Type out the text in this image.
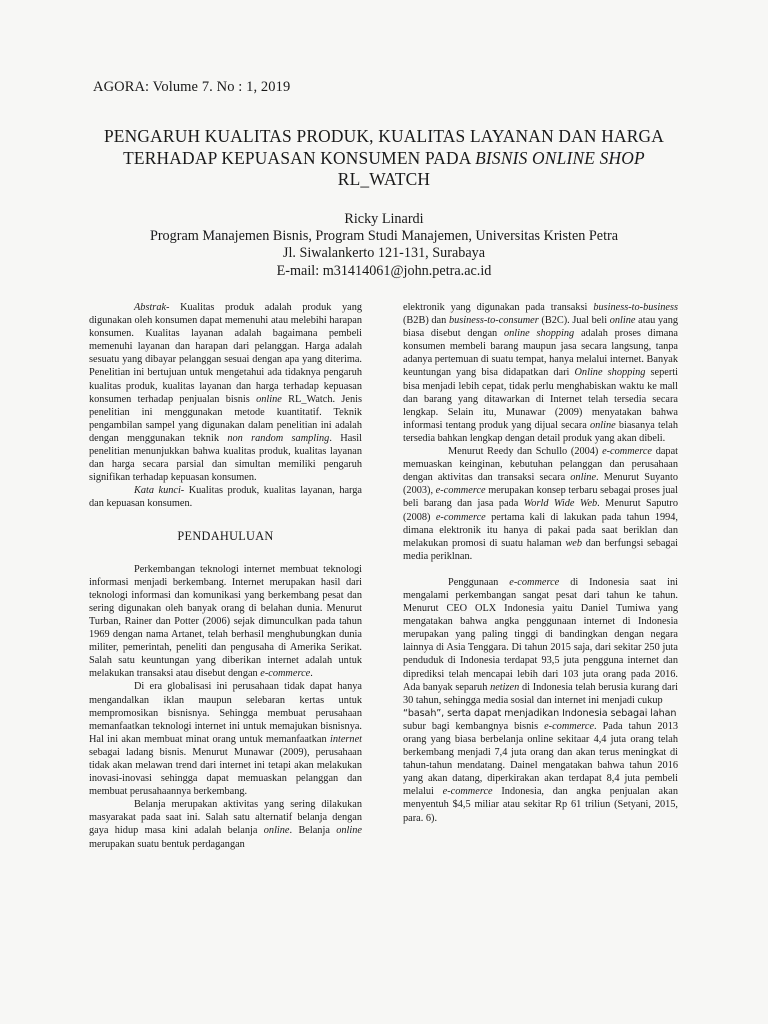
AGORA: Volume 7. No : 1, 2019

PENGARUH KUALITAS PRODUK, KUALITAS LAYANAN DAN HARGA

TERHADAP KEPUASAN KONSUMEN PADA BISNIS ONLINE SHOP

RL_WATCH

Ricky Linardi

Program Manajemen Bisnis, Program Studi Manajemen, Universitas Kristen Petra

Jl. Siwalankerto 121-131, Surabaya

E-mail: m31414061@john.petra.ac.id

Abstrak- Kualitas produk adalah produk yang digunakan oleh konsumen dapat memenuhi atau melebihi harapan konsumen. Kualitas layanan adalah bagaimana pembeli memenuhi layanan dan harapan dari pelanggan. Harga adalah sesuatu yang dibayar pelanggan sesuai dengan apa yang diterima. Penelitian ini bertujuan untuk mengetahui ada tidaknya pengaruh kualitas produk, kualitas layanan dan harga terhadap kepuasan konsumen terhadap penjualan bisnis online RL_Watch. Jenis penelitian ini menggunakan metode kuantitatif. Teknik pengambilan sampel yang digunakan dalam penelitian ini adalah dengan menggunakan teknik non random sampling. Hasil penelitian menunjukkan bahwa kualitas produk, kualitas layanan dan harga secara parsial dan simultan memiliki pengaruh signifikan terhadap kepuasan konsumen.

Kata kunci- Kualitas produk, kualitas layanan, harga dan kepuasan konsumen.

PENDAHULUAN

Perkembangan teknologi internet membuat teknologi informasi menjadi berkembang. Internet merupakan hasil dari teknologi informasi dan komunikasi yang berkembang pesat dan sering digunakan oleh banyak orang di belahan dunia. Menurut Turban, Rainer dan Potter (2006) sejak dimunculkan pada tahun 1969 dengan nama Artanet, telah berhasil menghubungkan dunia militer, pemerintah, peneliti dan pengusaha di Amerika Serikat. Salah satu keuntungan yang diberikan internet adalah untuk melakukan transaksi atau disebut dengan e-commerce.

Di era globalisasi ini perusahaan tidak dapat hanya mengandalkan iklan maupun selebaran kertas untuk mempromosikan bisnisnya. Sehingga membuat perusahaan memanfaatkan teknologi internet ini untuk memajukan bisnisnya. Hal ini akan membuat minat orang untuk memanfaatkan internet sebagai ladang bisnis. Menurut Munawar (2009), perusahaan tidak akan melawan trend dari internet ini tetapi akan melakukan inovasi-inovasi sehingga dapat memuaskan pelanggan dan membuat perusahaannya berkembang.

Belanja merupakan aktivitas yang sering dilakukan masyarakat pada saat ini. Salah satu alternatif belanja dengan gaya hidup masa kini adalah belanja online. Belanja online merupakan suatu bentuk perdagangan

elektronik yang digunakan pada transaksi business-to-business (B2B) dan business-to-consumer (B2C). Jual beli online atau yang biasa disebut dengan online shopping adalah proses dimana konsumen membeli barang maupun jasa secara langsung, tanpa adanya pertemuan di suatu tempat, hanya melalui internet. Banyak keuntungan yang bisa didapatkan dari Online shopping seperti bisa menjadi lebih cepat, tidak perlu menghabiskan waktu ke mall dan barang yang ditawarkan di Internet telah tersedia secara lengkap. Selain itu, Munawar (2009) menyatakan bahwa informasi tentang produk yang dijual secara online biasanya telah tersedia bahkan lengkap dengan detail produk yang akan dibeli.

Menurut Reedy dan Schullo (2004) e-commerce dapat memuaskan keinginan, kebutuhan pelanggan dan perusahaan dengan aktivitas dan transaksi secara online. Menurut Suyanto (2003), e-commerce merupakan konsep terbaru sebagai proses jual beli barang dan jasa pada World Wide Web. Menurut Saputro (2008) e-commerce pertama kali di lakukan pada tahun 1994, dimana elektronik itu hanya di pakai pada saat beriklan dan melakukan promosi di suatu halaman web dan berfungsi sebagai media periklnan.

Penggunaan e-commerce di Indonesia saat ini mengalami perkembangan sangat pesat dari tahun ke tahun. Menurut CEO OLX Indonesia yaitu Daniel Tumiwa yang mengatakan bahwa angka penggunaan internet di Indonesia merupakan yang paling tinggi di bandingkan dengan negara lainnya di Asia Tenggara. Di tahun 2015 saja, dari sekitar 250 juta penduduk di Indonesia terdapat 93,5 juta pengguna internet dan diprediksi telah mencapai lebih dari 103 juta orang pada 2016. Ada banyak separuh netizen di Indonesia telah berusia kurang dari 30 tahun, sehingga media sosial dan internet ini menjadi cukup

“basah”, serta dapat menjadikan Indonesia sebagai lahan

subur bagi kembangnya bisnis e-commerce. Pada tahun 2013 orang yang biasa berbelanja online sekitaar 4,4 juta orang telah berkembang menjadi 7,4 juta orang dan akan terus meningkat di tahun-tahun mendatang. Dainel mengatakan bahwa tahun 2016 yang akan datang, diperkirakan akan terdapat 8,4 juta pembeli melalui e-commerce Indonesia, dan angka penjualan akan menyentuh $4,5 miliar atau sekitar Rp 61 triliun (Setyani, 2015, para. 6).
